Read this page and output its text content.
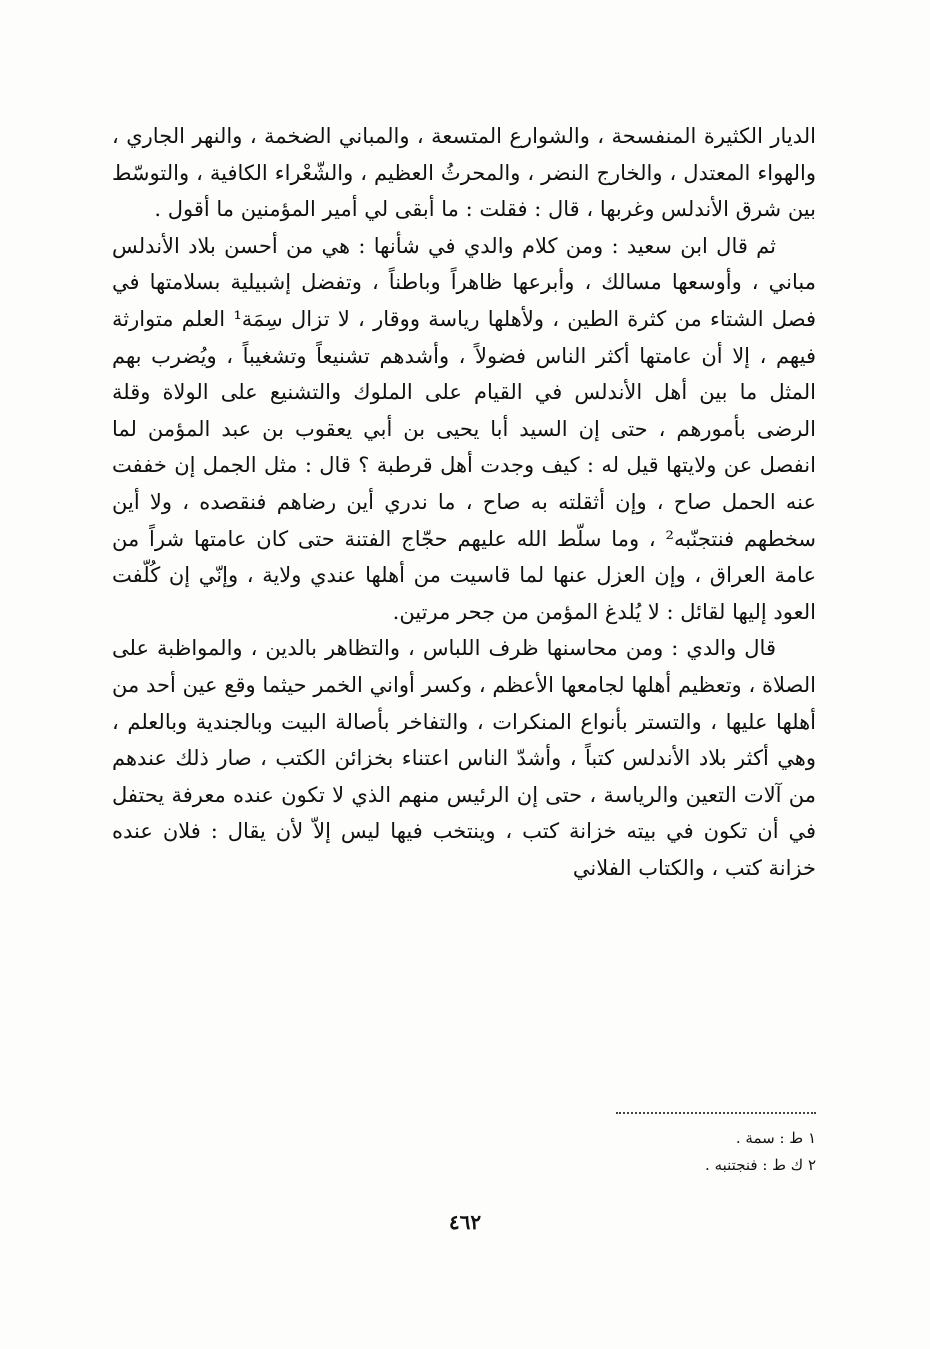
الديار الكثيرة المنفسحة ، والشوارع المتسعة ، والمباني الضخمة ، والنهر الجاري ، والهواء المعتدل ، والخارج النضر ، والمحرثُ العظيم ، والشّعْراء الكافية ، والتوسّط بين شرق الأندلس وغربها ، قال : فقلت : ما أبقى لي أمير المؤمنين ما أقول .

ثم قال ابن سعيد : ومن كلام والدي في شأنها : هي من أحسن بلاد الأندلس مباني ، وأوسعها مسالك ، وأبرعها ظاهراً وباطناً ، وتفضل إشبيلية بسلامتها في فصل الشتاء من كثرة الطين ، ولأهلها رياسة ووقار ، لا تزال سِمَة¹ العلم متوارثة فيهم ، إلا أن عامتها أكثر الناس فضولاً ، وأشدهم تشنيعاً وتشغيباً ، ويُضرب بهم المثل ما بين أهل الأندلس في القيام على الملوك والتشنيع على الولاة وقلة الرضى بأمورهم ، حتى إن السيد أبا يحيى بن أبي يعقوب بن عبد المؤمن لما انفصل عن ولايتها قيل له : كيف وجدت أهل قرطبة ؟ قال : مثل الجمل إن خففت عنه الحمل صاح ، وإن أثقلته به صاح ، ما ندري أين رضاهم فنقصده ، ولا أين سخطهم فنتجنّبه² ، وما سلّط الله عليهم حجّاج الفتنة حتى كان عامتها شراً من عامة العراق ، وإن العزل عنها لما قاسيت من أهلها عندي ولاية ، وإنّي إن كُلّفت العود إليها لقائل : لا يُلدغ المؤمن من جحر مرتين.

قال والدي : ومن محاسنها ظرف اللباس ، والتظاهر بالدين ، والمواظبة على الصلاة ، وتعظيم أهلها لجامعها الأعظم ، وكسر أواني الخمر حيثما وقع عين أحد من أهلها عليها ، والتستر بأنواع المنكرات ، والتفاخر بأصالة البيت وبالجندية وبالعلم ، وهي أكثر بلاد الأندلس كتباً ، وأشدّ الناس اعتناء بخزائن الكتب ، صار ذلك عندهم من آلات التعين والرياسة ، حتى إن الرئيس منهم الذي لا تكون عنده معرفة يحتفل في أن تكون في بيته خزانة كتب ، وينتخب فيها ليس إلاّ لأن يقال : فلان عنده خزانة كتب ، والكتاب الفلاني

١ ط : سمة .

٢ ك ط : فنجتنبه .

٤٦٢
